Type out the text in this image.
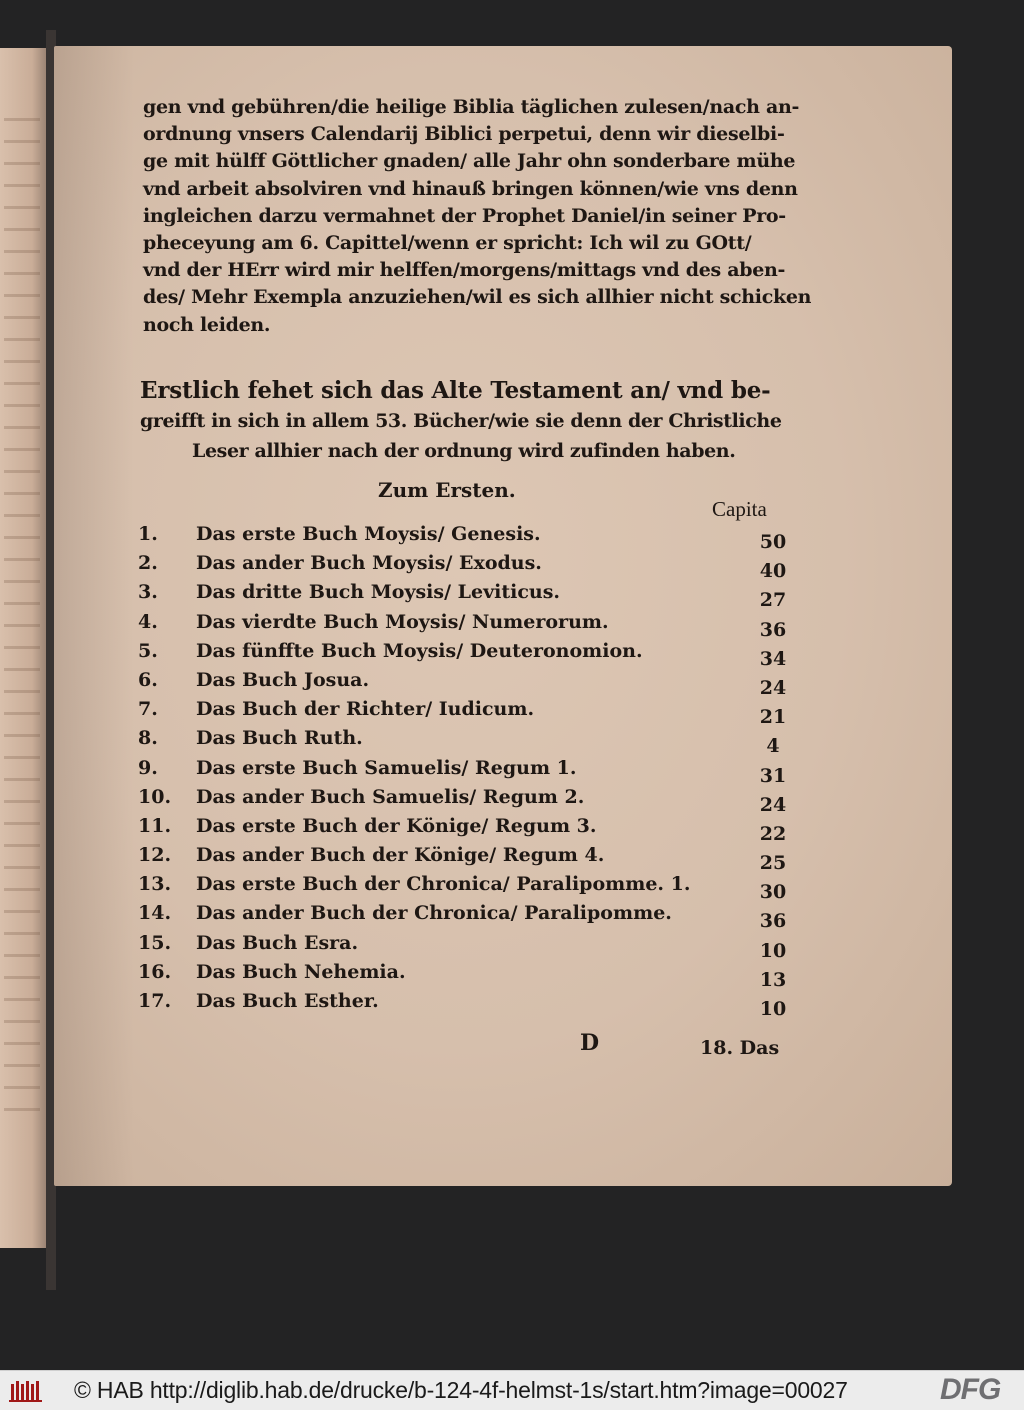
gen vnd gebühren/die heilige Biblia täglichen zulesen/nach an-
ordnung vnsers Calendarij Biblici perpetui, denn wir dieselbi-
ge mit hülff Göttlicher gnaden/ alle Jahr ohn sonderbare mühe
vnd arbeit absolviren vnd hinauß bringen können/wie vns denn
ingleichen darzu vermahnet der Prophet Daniel/in seiner Pro-
pheceyung am 6. Capittel/wenn er spricht: Ich wil zu GOtt/
vnd der HErr wird mir helffen/morgens/mittags vnd des aben-
des/ Mehr Exempla anzuziehen/wil es sich allhier nicht schicken
noch leiden.
Erstlich fehet sich das Alte Testament an/ vnd be-
greifft in sich in allem 53. Bücher/wie sie denn der Christliche
Leser allhier nach der ordnung wird zufinden haben.
Zum Ersten.
Capita
1. Das erste Buch Moysis/ Genesis.	50
2. Das ander Buch Moysis/ Exodus.	40
3. Das dritte Buch Moysis/ Leviticus.	27
4. Das vierdte Buch Moysis/ Numerorum.	36
5. Das fünffte Buch Moysis/ Deuteronomion.	34
6. Das Buch Josua.	24
7. Das Buch der Richter/ Iudicum.	21
8. Das Buch Ruth.	4
9. Das erste Buch Samuelis/ Regum 1.	31
10. Das ander Buch Samuelis/ Regum 2.	24
11. Das erste Buch der Könige/ Regum 3.	22
12. Das ander Buch der Könige/ Regum 4.	25
13. Das erste Buch der Chronica/ Paralipomme. 1.	30
14. Das ander Buch der Chronica/ Paralipomme.	36
15. Das Buch Esra.	10
16. Das Buch Nehemia.	13
17. Das Buch Esther.	10
D	18. Das
© HAB http://diglib.hab.de/drucke/b-124-4f-helmst-1s/start.htm?image=00027	DFG
